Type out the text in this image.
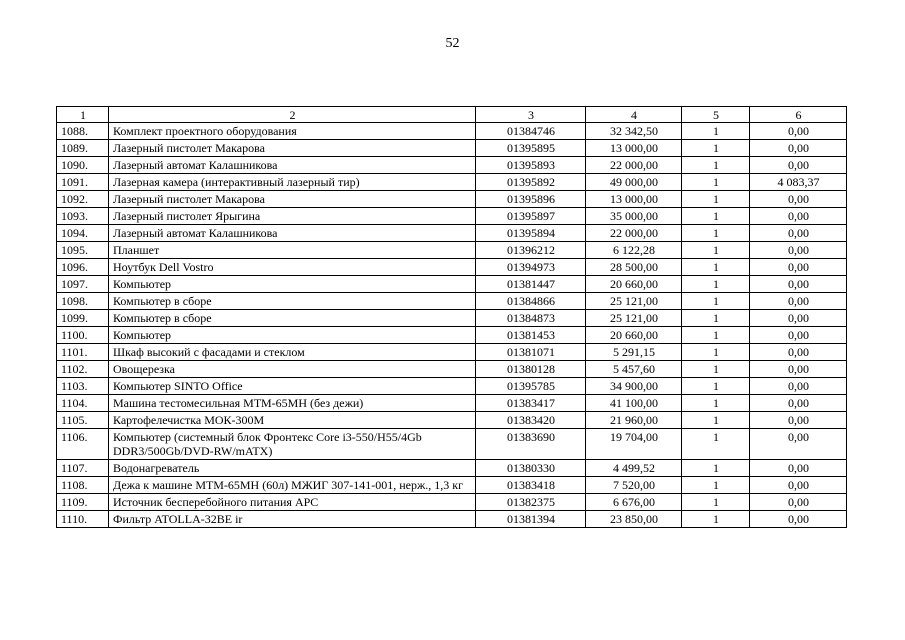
52
1	2	3	4	5	6
1088.	Комплект проектного оборудования	01384746	32 342,50	1	0,00
1089.	Лазерный пистолет Макарова	01395895	13 000,00	1	0,00
1090.	Лазерный автомат Калашникова	01395893	22 000,00	1	0,00
1091.	Лазерная камера (интерактивный лазерный тир)	01395892	49 000,00	1	4 083,37
1092.	Лазерный пистолет Макарова	01395896	13 000,00	1	0,00
1093.	Лазерный пистолет Ярыгина	01395897	35 000,00	1	0,00
1094.	Лазерный автомат Калашникова	01395894	22 000,00	1	0,00
1095.	Планшет	01396212	6 122,28	1	0,00
1096.	Ноутбук Dell Vostro	01394973	28 500,00	1	0,00
1097.	Компьютер	01381447	20 660,00	1	0,00
1098.	Компьютер в сборе	01384866	25 121,00	1	0,00
1099.	Компьютер в сборе	01384873	25 121,00	1	0,00
1100.	Компьютер	01381453	20 660,00	1	0,00
1101.	Шкаф высокий с фасадами и стеклом	01381071	5 291,15	1	0,00
1102.	Овощерезка	01380128	5 457,60	1	0,00
1103.	Компьютер SINTO Office	01395785	34 900,00	1	0,00
1104.	Машина тестомесильная МТМ-65МН (без дежи)	01383417	41 100,00	1	0,00
1105.	Картофелечистка МОК-300М	01383420	21 960,00	1	0,00
1106.	Компьютер (системный блок Фронтекс Core i3-550/H55/4Gb DDR3/500Gb/DVD-RW/mATX)	01383690	19 704,00	1	0,00
1107.	Водонагреватель	01380330	4 499,52	1	0,00
1108.	Дежа к машине МТМ-65МН (60л) МЖИГ 307-141-001, нерж., 1,3 кг	01383418	7 520,00	1	0,00
1109.	Источник бесперебойного питания APC	01382375	6 676,00	1	0,00
1110.	Фильтр ATOLLA-32BE ir	01381394	23 850,00	1	0,00
